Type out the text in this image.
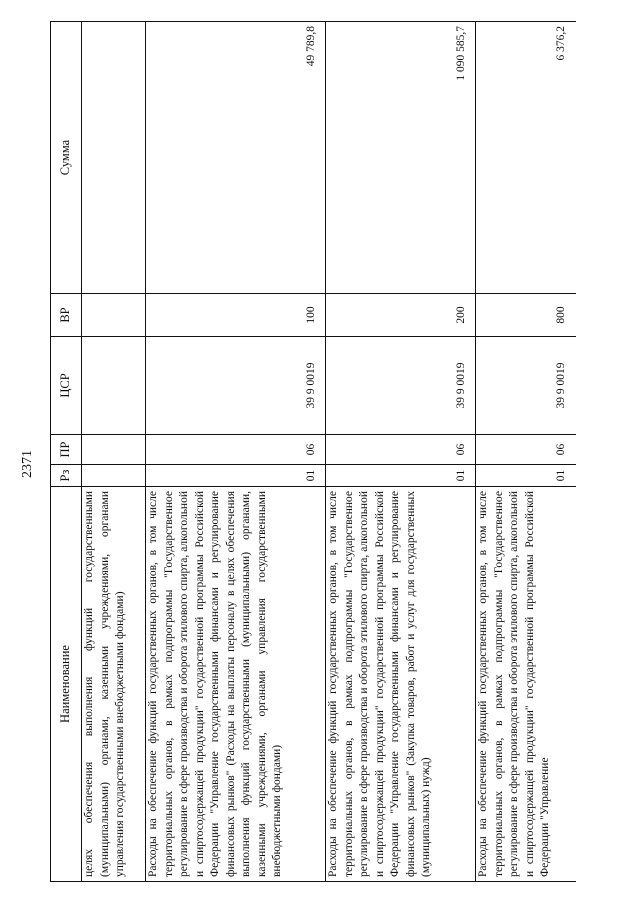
2371
Наименование	Рз	ПР	ЦСР	ВР	Сумма
целях обеспечения выполнения функций государственными (муниципальными) органами, казенными учреждениями, органами управления государственными внебюджетными фондами)					
Расходы на обеспечение функций государственных органов, в том числе территориальных органов, в рамках подпрограммы "Государственное регулирование в сфере производства и оборота этилового спирта, алкогольной и спиртосодержащей продукции" государственной программы Российской Федерации "Управление государственными финансами и регулирование финансовых рынков" (Расходы на выплаты персоналу в целях обеспечения выполнения функций государственными (муниципальными) органами, казенными учреждениями, органами управления государственными внебюджетными фондами)	01	06	39 9 0019	100	49 789,8
Расходы на обеспечение функций государственных органов, в том числе территориальных органов, в рамках подпрограммы "Государственное регулирование в сфере производства и оборота этилового спирта, алкогольной и спиртосодержащей продукции" государственной программы Российской Федерации "Управление государственными финансами и регулирование финансовых рынков" (Закупка товаров, работ и услуг для государственных (муниципальных) нужд)	01	06	39 9 0019	200	1 090 585,7
Расходы на обеспечение функций государственных органов, в том числе территориальных органов, в рамках подпрограммы "Государственное регулирование в сфере производства и оборота этилового спирта, алкогольной и спиртосодержащей продукции" государственной программы Российской Федерации "Управление	01	06	39 9 0019	800	6 376,2
